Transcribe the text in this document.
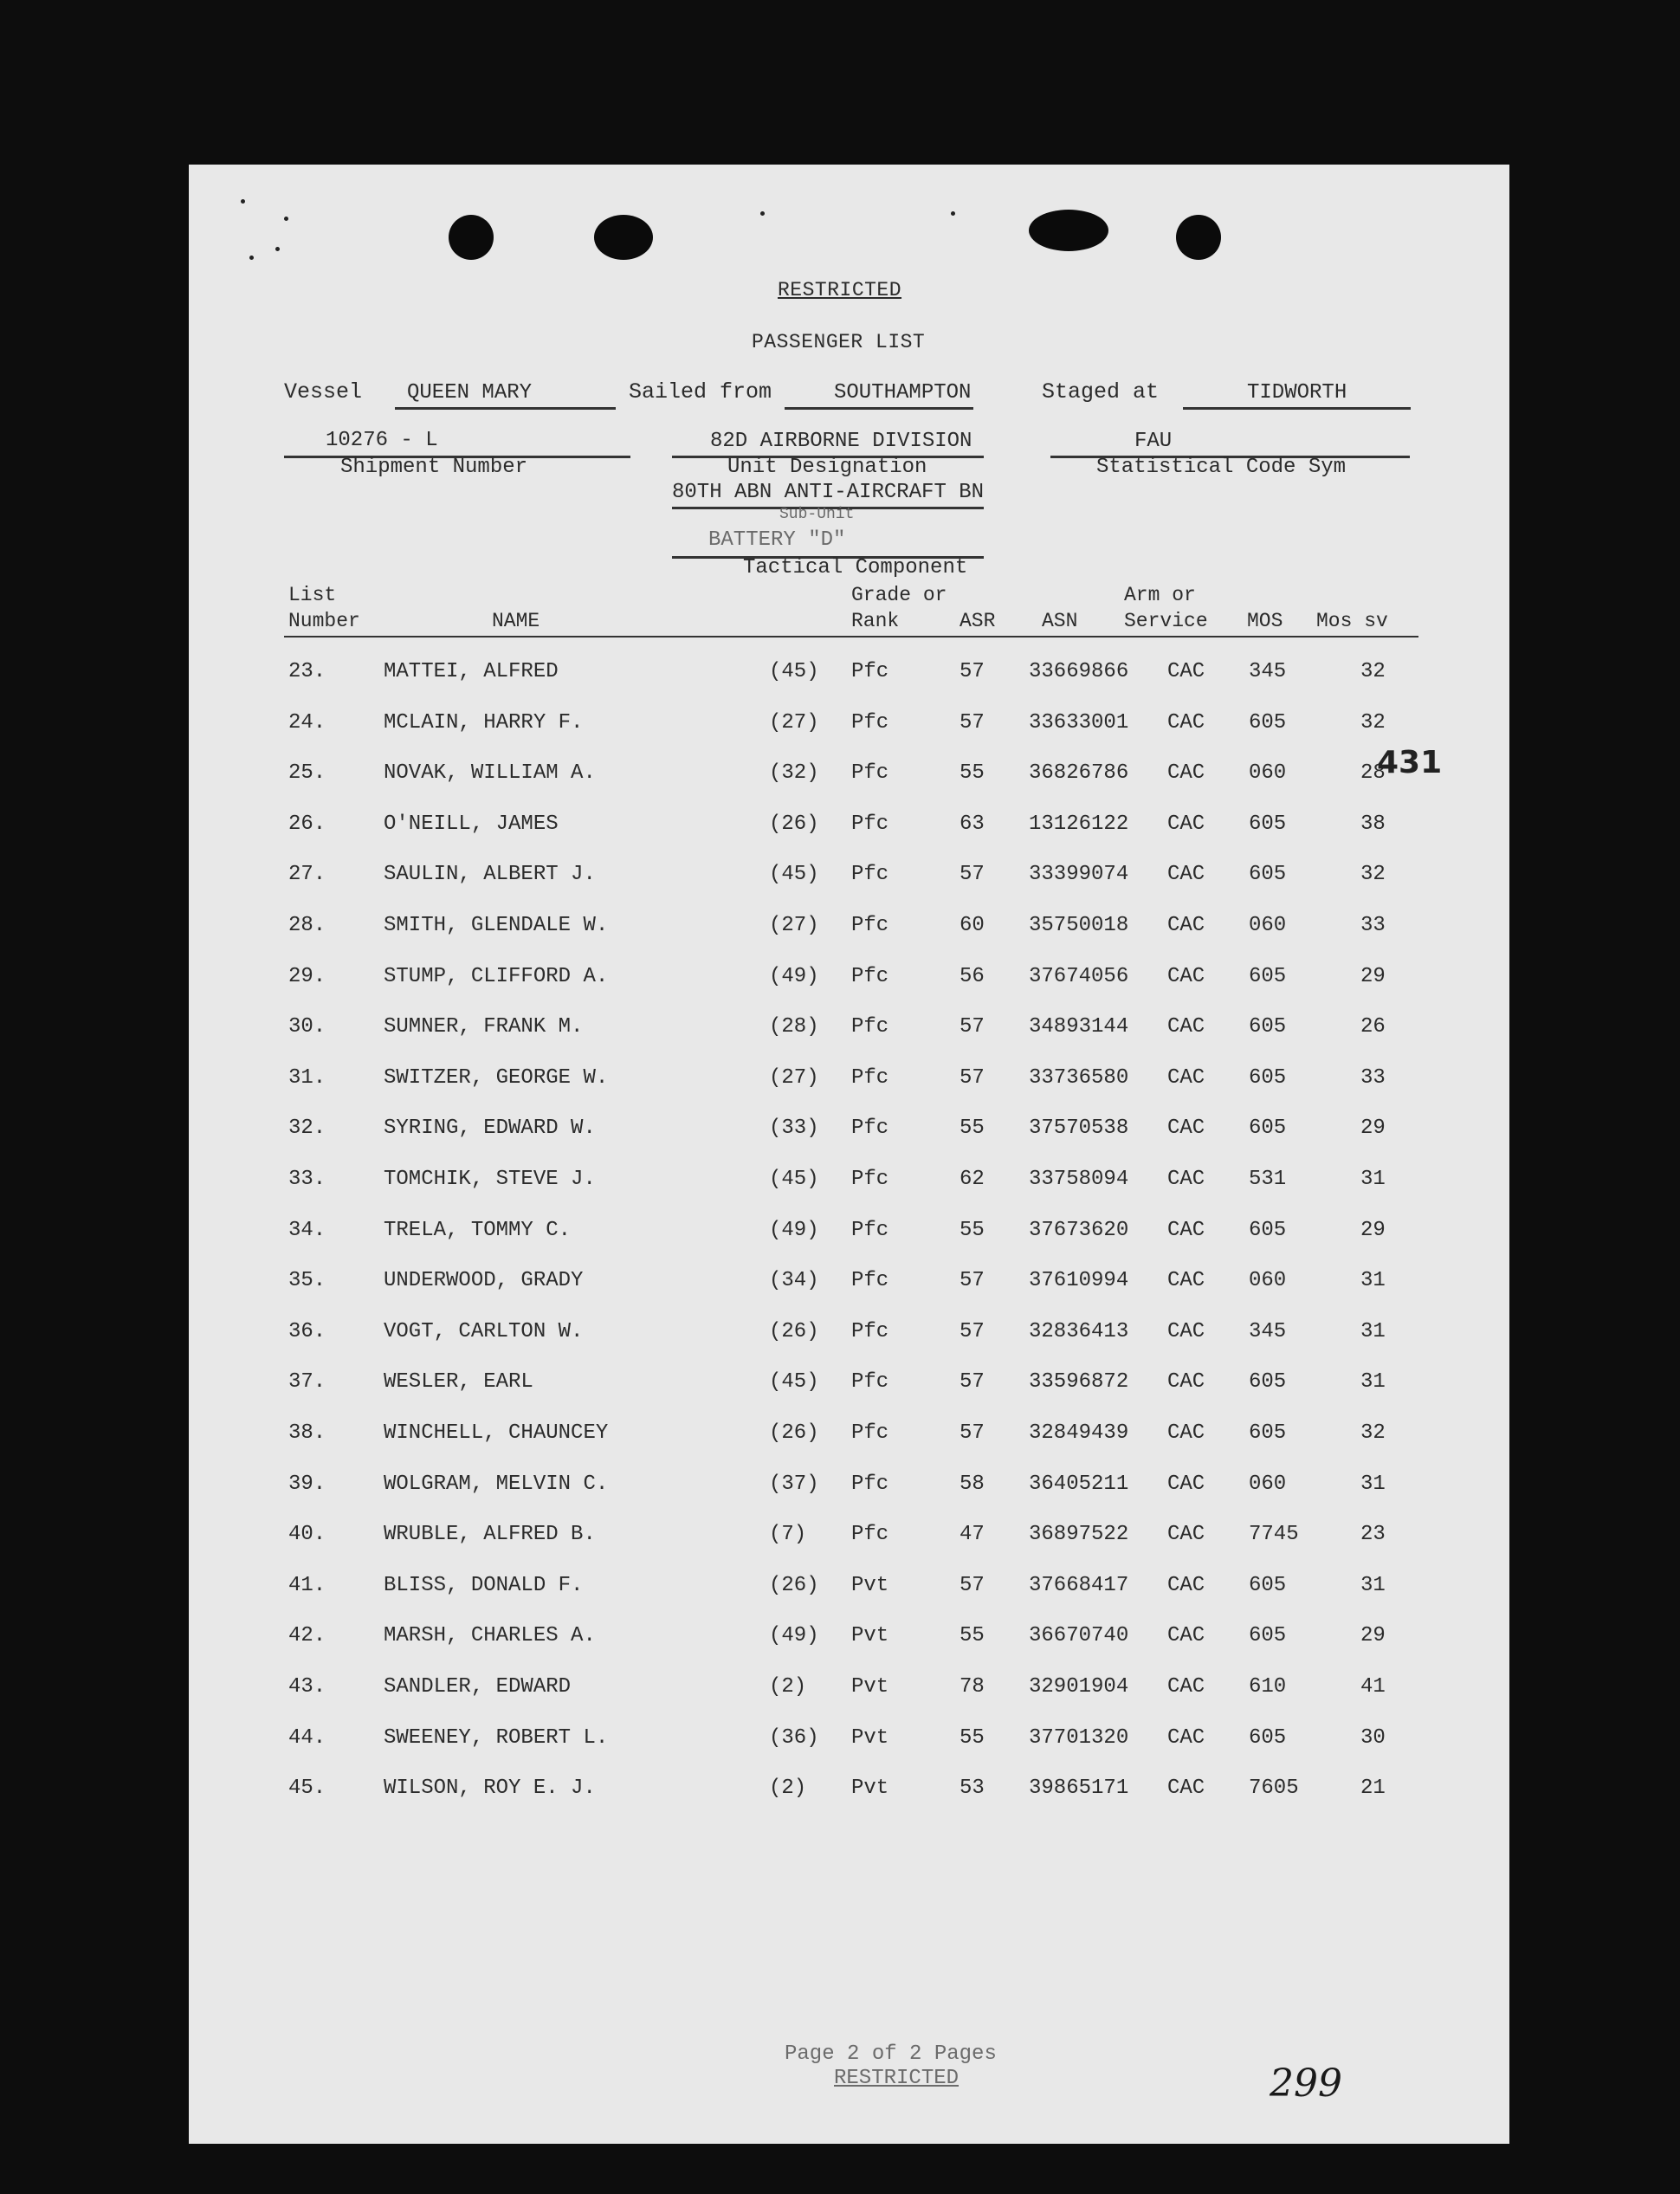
RESTRICTED
PASSENGER LIST
Vessel QUEEN MARY	Sailed from	SOUTHAMPTON	Staged at	TIDWORTH
10276 - L
Shipment Number
82D AIRBORNE DIVISION
Unit Designation
80TH ABN ANTI-AIRCRAFT BN
Sub-Unit
BATTERY "D"
Tactical Component
FAU
Statistical Code Sym
List
Number	NAME
Grade or
Rank	ASR ASN
Arm or
Service MOS Mos sv
23.	MATTEI, ALFRED	(45) Pfc	57 33669866 CAC 345	32
24.	MCLAIN, HARRY F.	(27) Pfc	57 33633001 CAC 605	32
25.	NOVAK, WILLIAM A.	(32) Pfc	55 36826786 CAC 060	28
26.	O'NEILL, JAMES	(26) Pfc	63 13126122 CAC 605	38
27.	SAULIN, ALBERT J.	(45) Pfc	57 33399074 CAC 605	32
28.	SMITH, GLENDALE W.	(27) Pfc	60 35750018 CAC 060	33
29.	STUMP, CLIFFORD A.	(49) Pfc	56 37674056 CAC 605	29
30.	SUMNER, FRANK M.	(28) Pfc	57 34893144 CAC 605	26
31.	SWITZER, GEORGE W.	(27) Pfc	57 33736580 CAC 605	33
32.	SYRING, EDWARD W.	(33) Pfc	55 37570538 CAC 605	29
33.	TOMCHIK, STEVE J.	(45) Pfc	62 33758094 CAC 531	31
34.	TRELA, TOMMY C.	(49) Pfc	55 37673620 CAC 605	29
35.	UNDERWOOD, GRADY	(34) Pfc	57 37610994 CAC 060	31
36.	VOGT, CARLTON W.	(26) Pfc	57 32836413 CAC 345	31
37.	WESLER, EARL	(45) Pfc	57 33596872 CAC 605	31
38.	WINCHELL, CHAUNCEY	(26) Pfc	57 32849439 CAC 605	32
39.	WOLGRAM, MELVIN C.	(37) Pfc	58 36405211 CAC 060	31
40.	WRUBLE, ALFRED B.	(7) Pfc	47 36897522 CAC 7745	23
41.	BLISS, DONALD F.	(26) Pvt	57 37668417 CAC 605	31
42.	MARSH, CHARLES A.	(49) Pvt	55 36670740 CAC 605	29
43.	SANDLER, EDWARD	(2) Pvt	78 32901904 CAC 610	41
44.	SWEENEY, ROBERT L.	(36) Pvt	55 37701320 CAC 605	30
45.	WILSON, ROY E. J.	(2) Pvt	53 39865171 CAC 7605	21
431
Page 2 of 2 Pages
RESTRICTED	299
